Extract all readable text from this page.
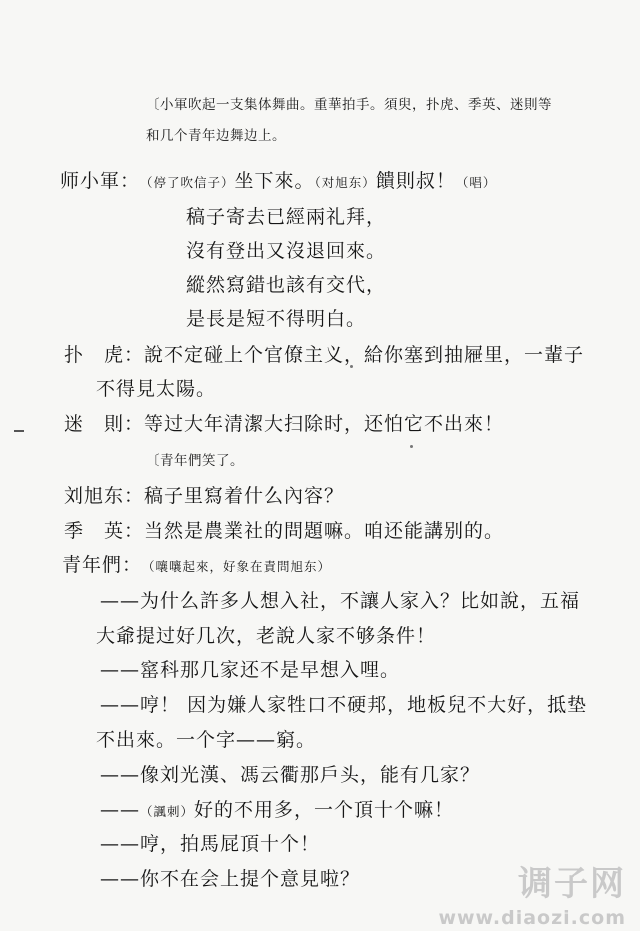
〔小軍吹起一支集体舞曲。重華拍手。須臾，扑虎、季英、迷則等
和几个青年边舞边上。
师小軍：（停了吹信子）坐下來。（对旭东）饋則叔！（唱）
稿子寄去已經兩礼拜，
沒有登出又沒退回來。
縱然寫錯也該有交代，
是長是短不得明白。
扑　虎：說不定碰上个官僚主义，給你塞到抽屜里，一輩子
不得見太陽。
迷　則：等过大年清潔大扫除时，还怕它不出來！
〔青年們笑了。
刘旭东：稿子里寫着什么內容？
季　英：当然是農業社的問題嘛。咱还能講别的。
青年們：（嚷嚷起來，好象在責問旭东）
——为什么許多人想入社，不讓人家入？比如說，五福
大爺提过好几次，老說人家不够条件！
——窰科那几家还不是早想入哩。
——哼！ 因为嫌人家牲口不硬邦，地板兒不大好，抵垫
不出來。一个字——窮。
——像刘光漢、馮云衢那戶头，能有几家？
——（諷刺）好的不用多，一个頂十个嘛！
——哼，拍馬屁頂十个！
——你不在会上提个意見啦？	调子网
www.diaozi.com
